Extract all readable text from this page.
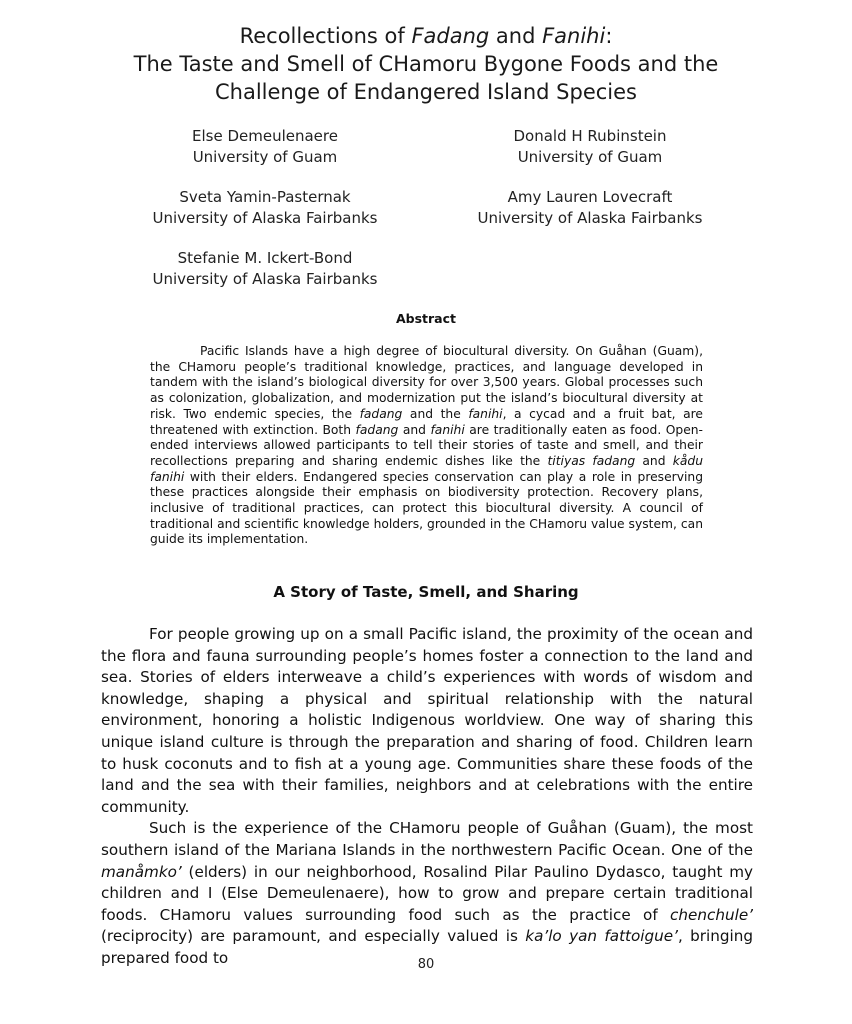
Recollections of Fadang and Fanihi:
The Taste and Smell of CHamoru Bygone Foods and the
Challenge of Endangered Island Species
Else Demeulenaere
University of Guam
Donald H Rubinstein
University of Guam
Sveta Yamin-Pasternak
University of Alaska Fairbanks
Amy Lauren Lovecraft
University of Alaska Fairbanks
Stefanie M. Ickert-Bond
University of Alaska Fairbanks
Abstract

Pacific Islands have a high degree of biocultural diversity. On Guåhan (Guam), the CHamoru people’s traditional knowledge, practices, and language developed in tandem with the island’s biological diversity for over 3,500 years. Global processes such as colonization, globalization, and modernization put the island’s biocultural diversity at risk. Two endemic species, the fadang and the fanihi, a cycad and a fruit bat, are threatened with extinction. Both fadang and fanihi are traditionally eaten as food. Open-ended interviews allowed participants to tell their stories of taste and smell, and their recollections preparing and sharing endemic dishes like the titiyas fadang and kådu fanihi with their elders. Endangered species conservation can play a role in preserving these practices alongside their emphasis on biodiversity protection. Recovery plans, inclusive of traditional practices, can protect this biocultural diversity. A council of traditional and scientific knowledge holders, grounded in the CHamoru value system, can guide its implementation.

A Story of Taste, Smell, and Sharing

For people growing up on a small Pacific island, the proximity of the ocean and the flora and fauna surrounding people’s homes foster a connection to the land and sea. Stories of elders interweave a child’s experiences with words of wisdom and knowledge, shaping a physical and spiritual relationship with the natural environment, honoring a holistic Indigenous worldview. One way of sharing this unique island culture is through the preparation and sharing of food. Children learn to husk coconuts and to fish at a young age. Communities share these foods of the land and the sea with their families, neighbors and at celebrations with the entire community.

Such is the experience of the CHamoru people of Guåhan (Guam), the most southern island of the Mariana Islands in the northwestern Pacific Ocean. One of the manåmko’ (elders) in our neighborhood, Rosalind Pilar Paulino Dydasco, taught my children and I (Else Demeulenaere), how to grow and prepare certain traditional foods. CHamoru values surrounding food such as the practice of chenchule’ (reciprocity) are paramount, and especially valued is ka’lo yan fattoigue’, bringing prepared food to	80
